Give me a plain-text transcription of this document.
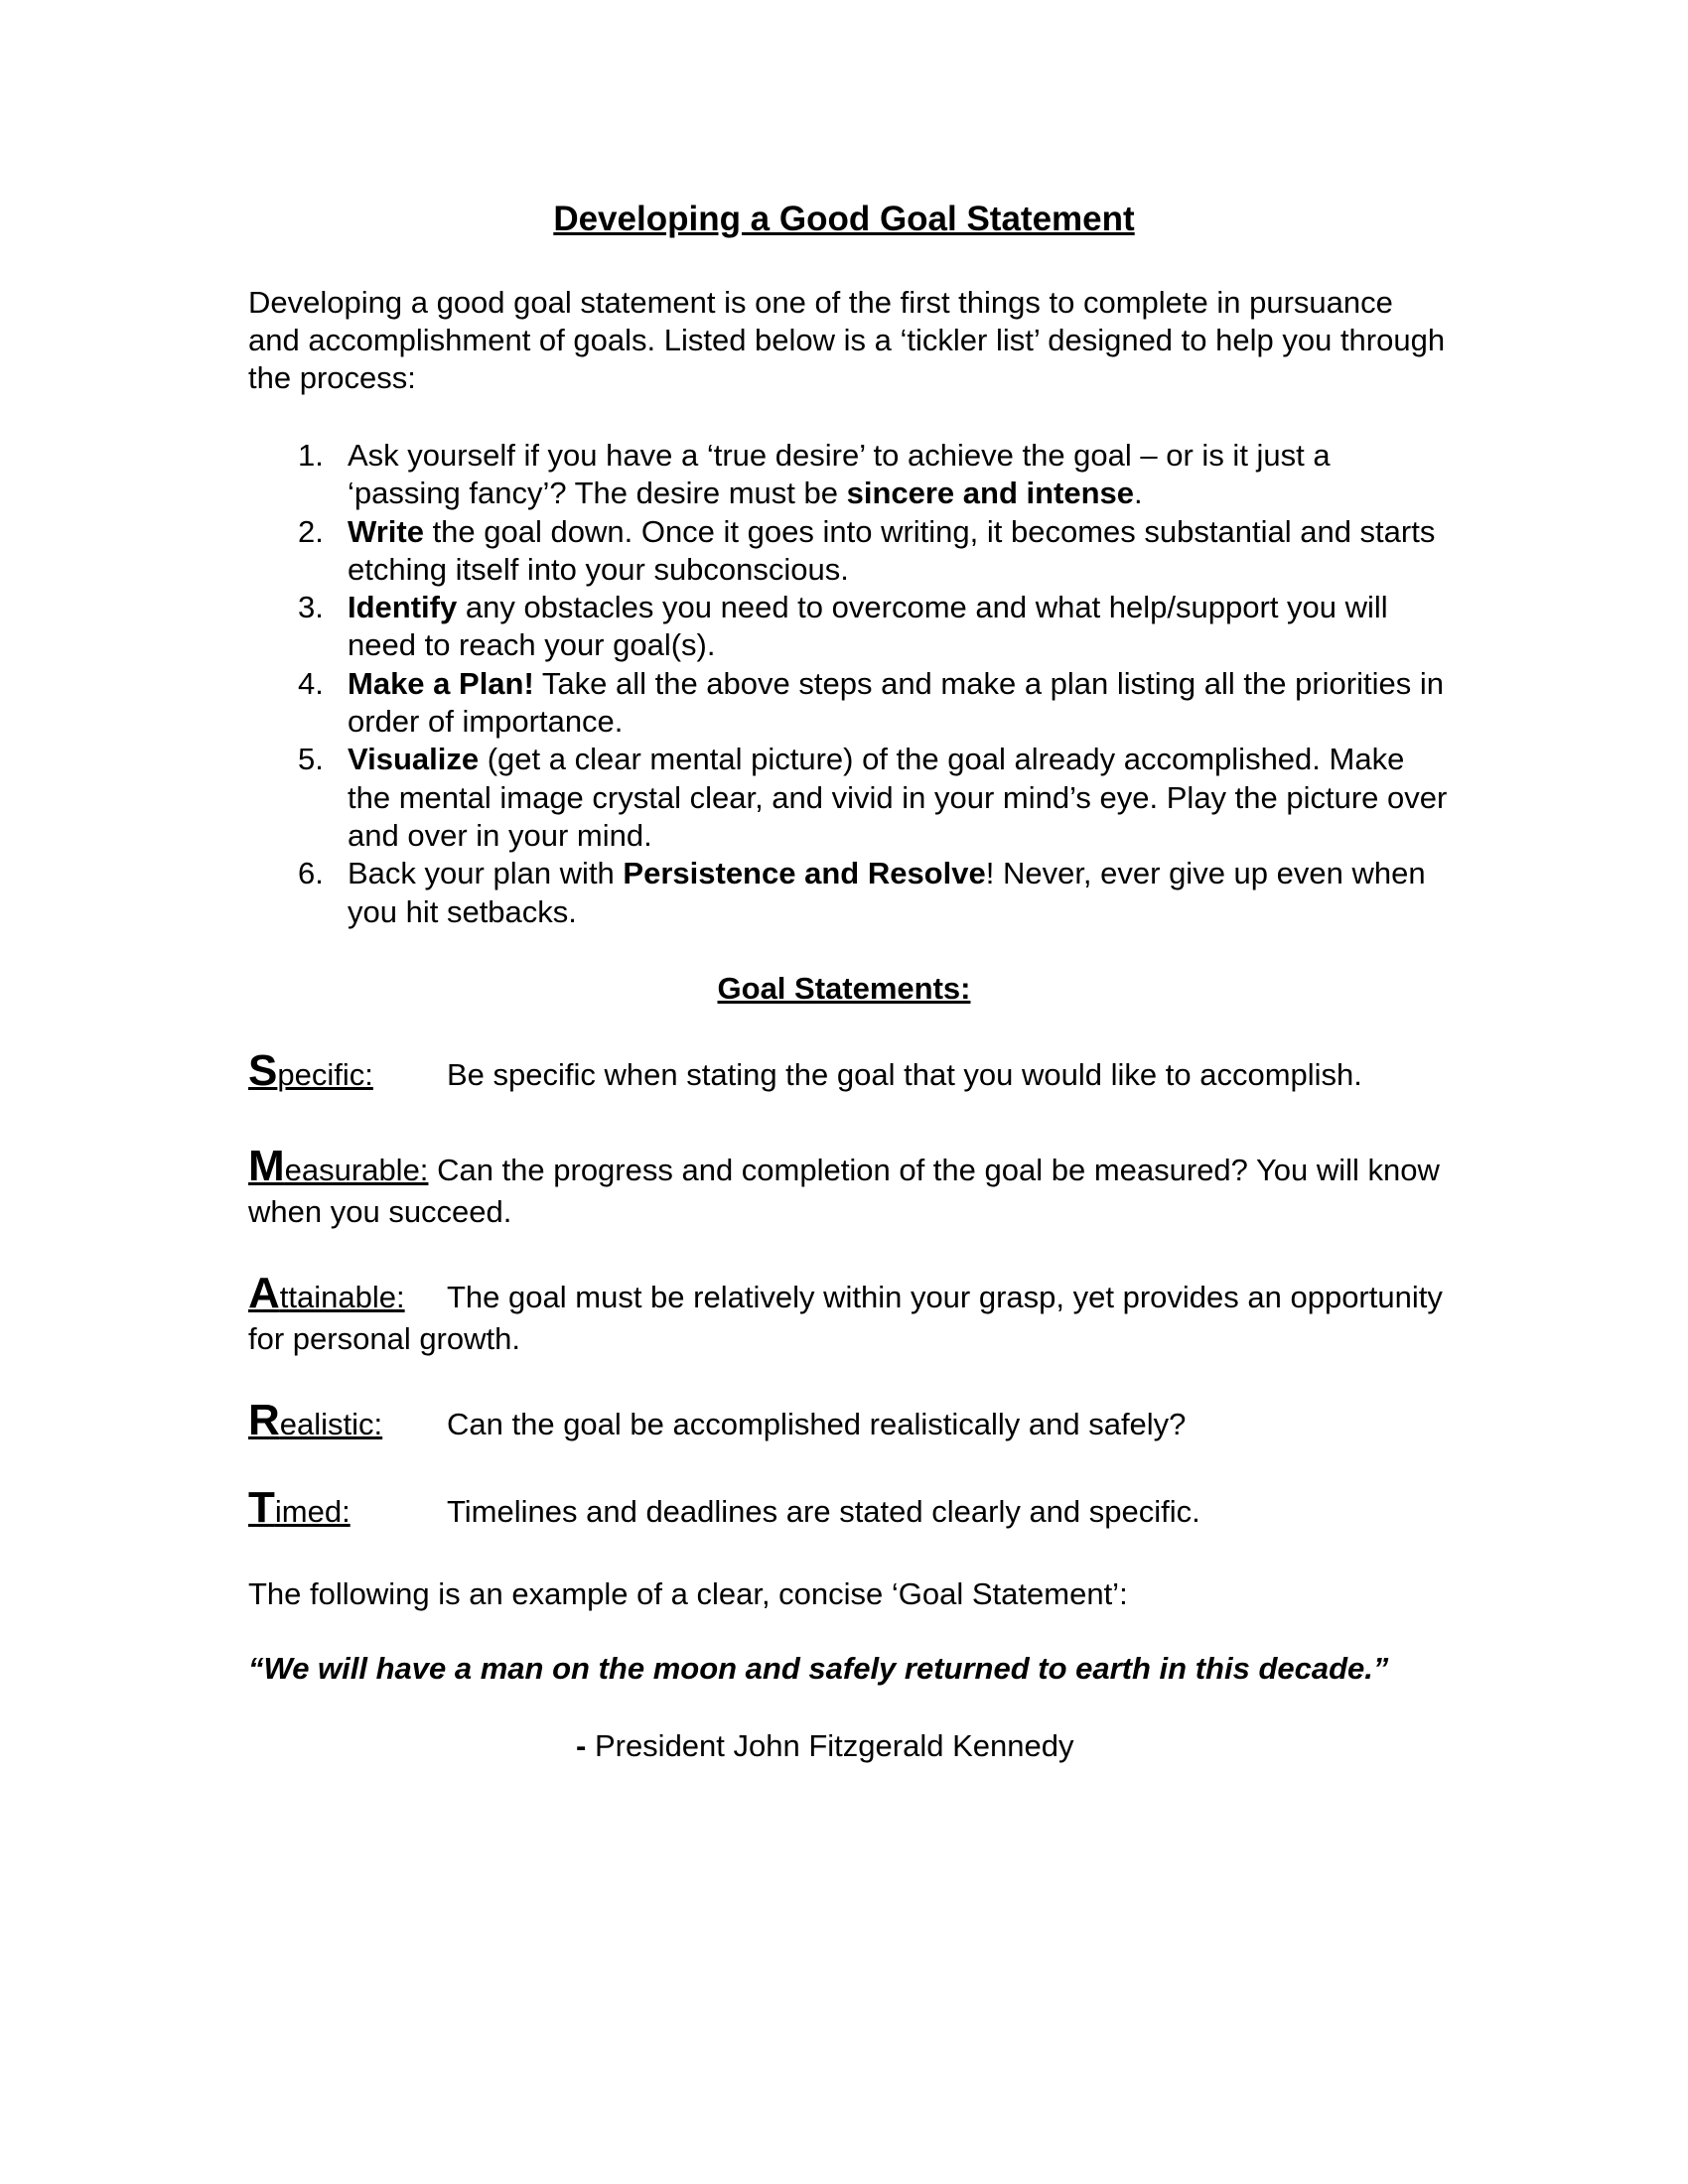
Developing a Good Goal Statement

Developing a good goal statement is one of the first things to complete in pursuance and accomplishment of goals. Listed below is a ‘tickler list’ designed to help you through the process:

1. Ask yourself if you have a ‘true desire’ to achieve the goal – or is it just a ‘passing fancy’? The desire must be sincere and intense.
2. Write the goal down. Once it goes into writing, it becomes substantial and starts etching itself into your subconscious.
3. Identify any obstacles you need to overcome and what help/support you will need to reach your goal(s).
4. Make a Plan! Take all the above steps and make a plan listing all the priorities in order of importance.
5. Visualize (get a clear mental picture) of the goal already accomplished. Make the mental image crystal clear, and vivid in your mind’s eye. Play the picture over and over in your mind.
6. Back your plan with Persistence and Resolve! Never, ever give up even when you hit setbacks.
Goal Statements:

Specific: Be specific when stating the goal that you would like to accomplish.

Measurable: Can the progress and completion of the goal be measured? You will know when you succeed.

Attainable: The goal must be relatively within your grasp, yet provides an opportunity for personal growth.

Realistic: Can the goal be accomplished realistically and safely?

Timed:	Timelines and deadlines are stated clearly and specific.

The following is an example of a clear, concise ‘Goal Statement’:

“We will have a man on the moon and safely returned to earth in this decade.”

- President John Fitzgerald Kennedy
